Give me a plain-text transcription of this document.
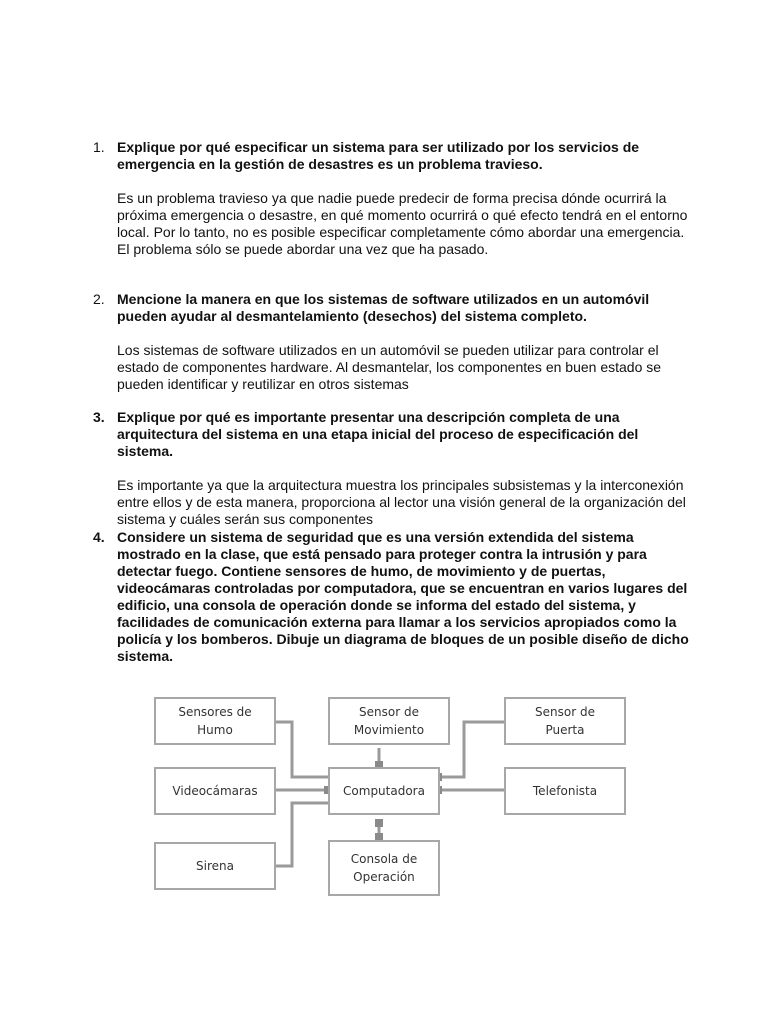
1. Explique por qué especificar un sistema para ser utilizado por los servicios de
emergencia en la gestión de desastres es un problema travieso.
Es un problema travieso ya que nadie puede predecir de forma precisa dónde ocurrirá la
próxima emergencia o desastre, en qué momento ocurrirá o qué efecto tendrá en el entorno
local. Por lo tanto, no es posible especificar completamente cómo abordar una emergencia.
El problema sólo se puede abordar una vez que ha pasado.
2. Mencione la manera en que los sistemas de software utilizados en un automóvil
pueden ayudar al desmantelamiento (desechos) del sistema completo.
Los sistemas de software utilizados en un automóvil se pueden utilizar para controlar el
estado de componentes hardware. Al desmantelar, los componentes en buen estado se
pueden identificar y reutilizar en otros sistemas
3. Explique por qué es importante presentar una descripción completa de una
arquitectura del sistema en una etapa inicial del proceso de especificación del sistema.
Es importante ya que la arquitectura muestra los principales subsistemas y la interconexión
entre ellos y de esta manera, proporciona al lector una visión general de la organización del
sistema y cuáles serán sus componentes
4. Considere un sistema de seguridad que es una versión extendida del sistema
mostrado en la clase, que está pensado para proteger contra la intrusión y para
detectar fuego. Contiene sensores de humo, de movimiento y de puertas,
videocámaras controladas por computadora, que se encuentran en varios lugares del
edificio, una consola de operación donde se informa del estado del sistema, y
facilidades de comunicación externa para llamar a los servicios apropiados como la
policía y los bomberos. Dibuje un diagrama de bloques de un posible diseño de dicho
sistema.
Sensores de
Humo
Sensor de
Movimiento
Sensor de
Puerta
Videocámaras	Computadora	Telefonista
Sirena	Consola de
Operación
